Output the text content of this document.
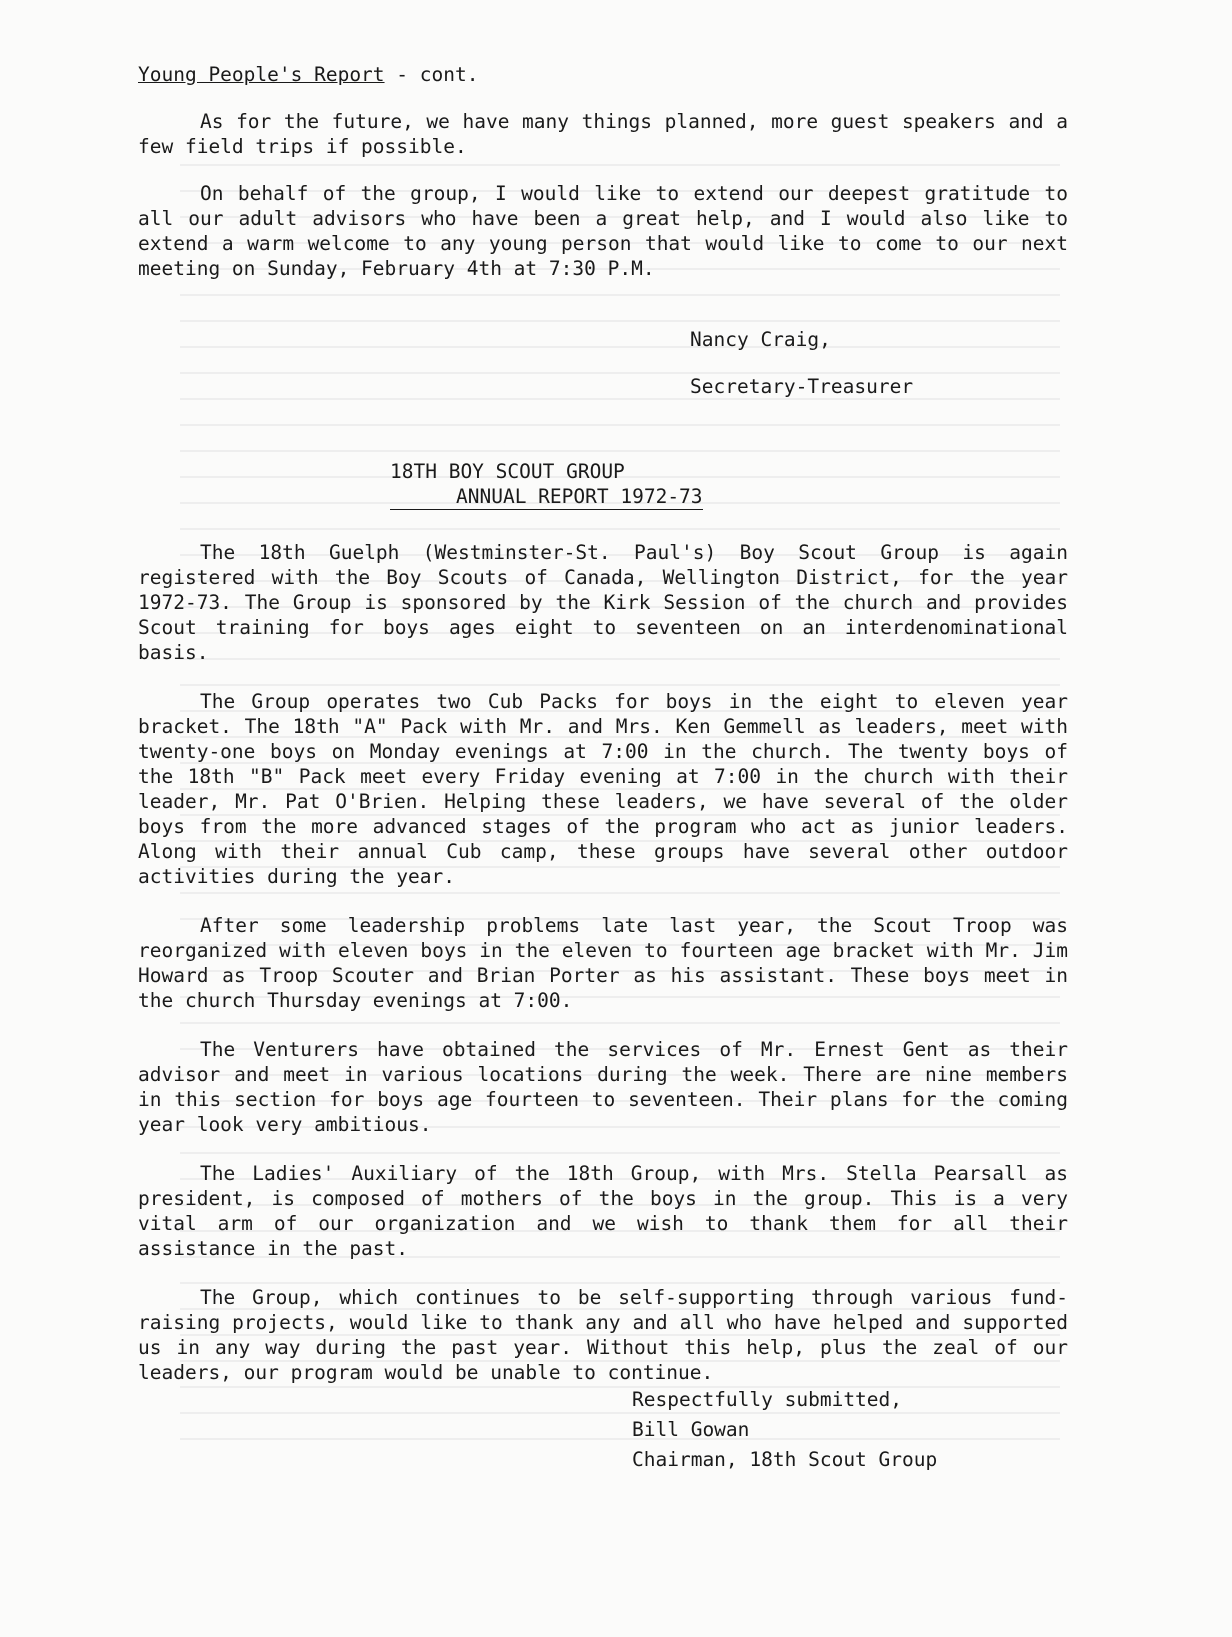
Young People's Report - cont.

As for the future, we have many things planned, more guest speakers and a few field trips if possible.

On behalf of the group, I would like to extend our deepest gratitude to all our adult advisors who have been a great help, and I would also like to extend a warm welcome to any young person that would like to come to our next meeting on Sunday, February 4th at 7:30 P.M.

Nancy Craig,

Secretary-Treasurer

18TH BOY SCOUT GROUP

ANNUAL REPORT 1972-73

The 18th Guelph (Westminster-St. Paul's) Boy Scout Group is again registered with the Boy Scouts of Canada, Wellington District, for the year 1972-73. The Group is sponsored by the Kirk Session of the church and provides Scout training for boys ages eight to seventeen on an interdenominational basis.

The Group operates two Cub Packs for boys in the eight to eleven year bracket. The 18th "A" Pack with Mr. and Mrs. Ken Gemmell as leaders, meet with twenty-one boys on Monday evenings at 7:00 in the church. The twenty boys of the 18th "B" Pack meet every Friday evening at 7:00 in the church with their leader, Mr. Pat O'Brien. Helping these leaders, we have several of the older boys from the more advanced stages of the program who act as junior leaders. Along with their annual Cub camp, these groups have several other outdoor activities during the year.

After some leadership problems late last year, the Scout Troop was reorganized with eleven boys in the eleven to fourteen age bracket with Mr. Jim Howard as Troop Scouter and Brian Porter as his assistant. These boys meet in the church Thursday evenings at 7:00.

The Venturers have obtained the services of Mr. Ernest Gent as their advisor and meet in various locations during the week. There are nine members in this section for boys age fourteen to seventeen. Their plans for the coming year look very ambitious.

The Ladies' Auxiliary of the 18th Group, with Mrs. Stella Pearsall as president, is composed of mothers of the boys in the group. This is a very vital arm of our organization and we wish to thank them for all their assistance in the past.

The Group, which continues to be self-supporting through various fund-raising projects, would like to thank any and all who have helped and supported us in any way during the past year. Without this help, plus the zeal of our leaders, our program would be unable to continue.

Respectfully submitted,

Bill Gowan

Chairman, 18th Scout Group
